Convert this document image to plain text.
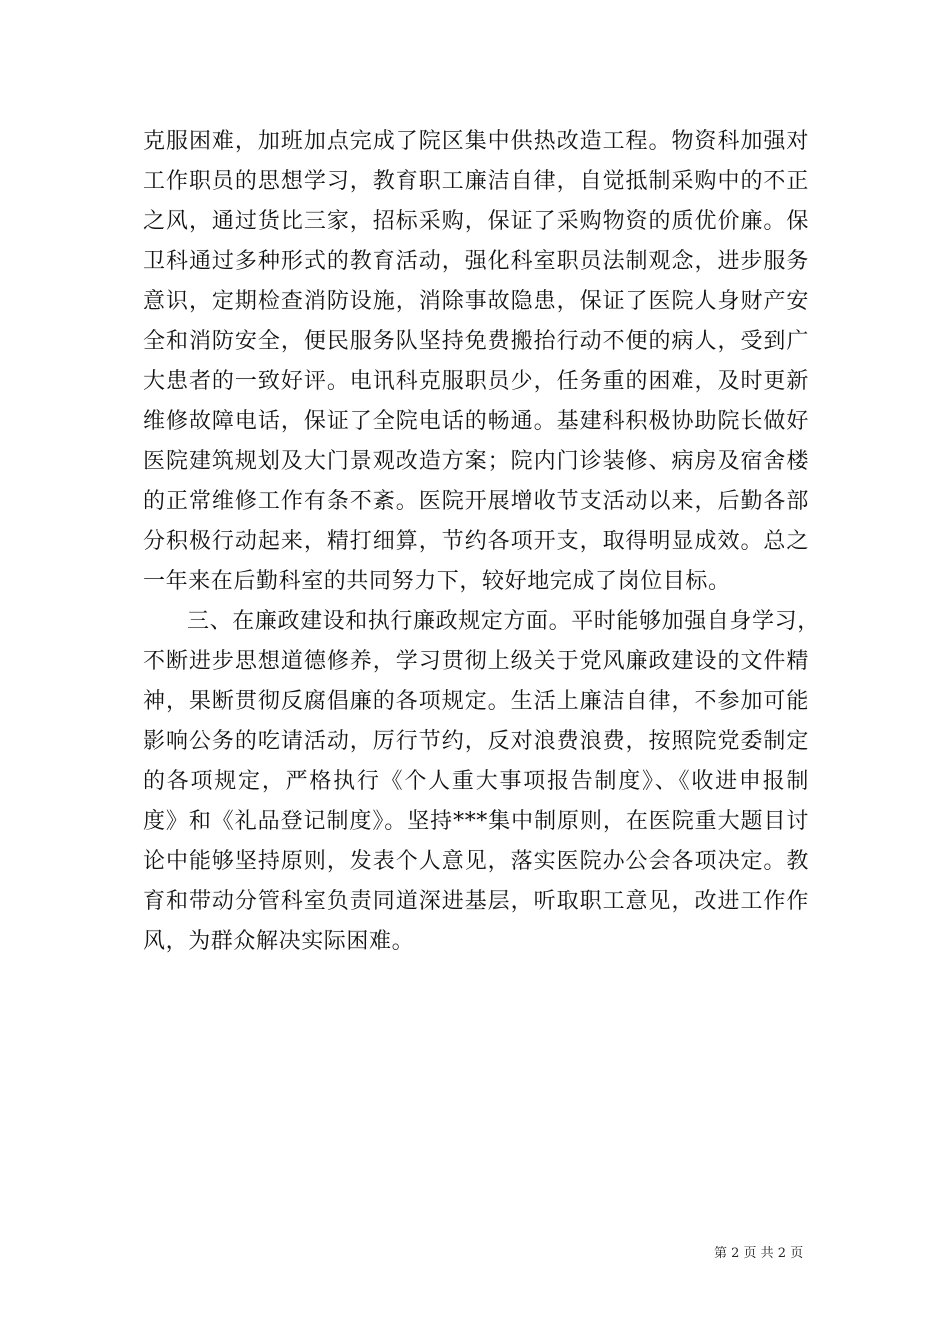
克服困难，加班加点完成了院区集中供热改造工程。物资科加强对
工作职员的思想学习，教育职工廉洁自律，自觉抵制采购中的不正
之风，通过货比三家，招标采购，保证了采购物资的质优价廉。保
卫科通过多种形式的教育活动，强化科室职员法制观念，进步服务
意识，定期检查消防设施，消除事故隐患，保证了医院人身财产安
全和消防安全，便民服务队坚持免费搬抬行动不便的病人，受到广
大患者的一致好评。电讯科克服职员少，任务重的困难，及时更新
维修故障电话，保证了全院电话的畅通。基建科积极协助院长做好
医院建筑规划及大门景观改造方案；院内门诊装修、病房及宿舍楼
的正常维修工作有条不紊。医院开展增收节支活动以来，后勤各部
分积极行动起来，精打细算，节约各项开支，取得明显成效。总之
一年来在后勤科室的共同努力下，较好地完成了岗位目标。
三、在廉政建设和执行廉政规定方面。平时能够加强自身学习，
不断进步思想道德修养，学习贯彻上级关于党风廉政建设的文件精
神，果断贯彻反腐倡廉的各项规定。生活上廉洁自律，不参加可能
影响公务的吃请活动，厉行节约，反对浪费浪费，按照院党委制定
的各项规定，严格执行《个人重大事项报告制度》、《收进申报制
度》和《礼品登记制度》。坚持***集中制原则，在医院重大题目讨
论中能够坚持原则，发表个人意见，落实医院办公会各项决定。教
育和带动分管科室负责同道深进基层，听取职工意见，改进工作作
风，为群众解决实际困难。
第 2 页 共 2 页
